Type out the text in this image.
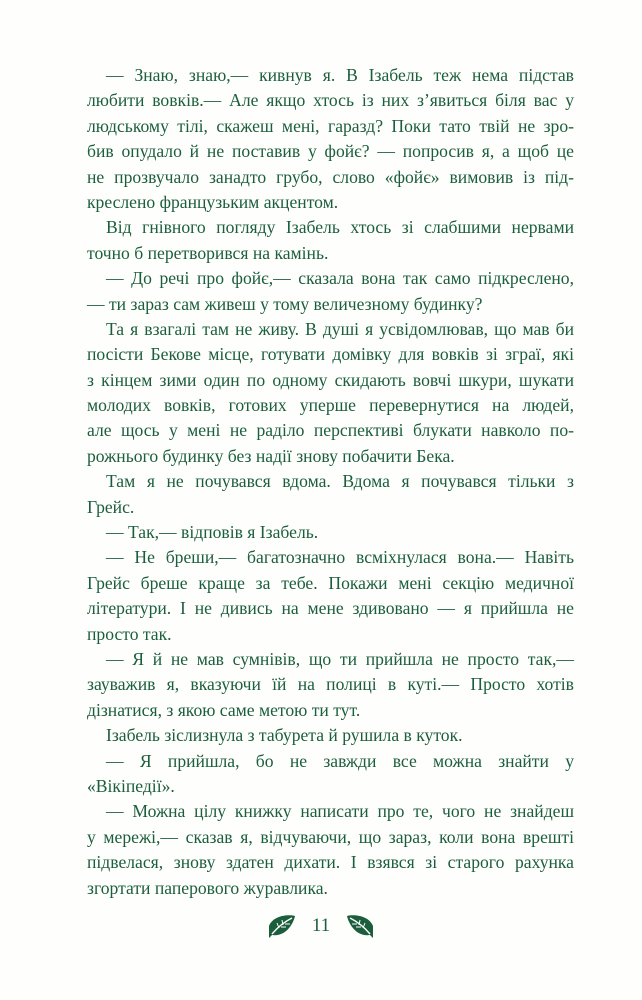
— Знаю, знаю,— кивнув я. В Ізабель теж нема підстав
любити вовків.— Але якщо хтось із них з’явиться біля вас у
людському тілі, скажеш мені, гаразд? Поки тато твій не зро-
бив опудало й не поставив у фойє? — попросив я, а щоб це
не прозвучало занадто грубо, слово «фойє» вимовив із під-
креслено французьким акцентом.
Від гнівного погляду Ізабель хтось зі слабшими нервами
точно б перетворився на камінь.
— До речі про фойє,— сказала вона так само підкреслено,
— ти зараз сам живеш у тому величезному будинку?
Та я взагалі там не живу. В душі я усвідомлював, що мав би
посісти Бекове місце, готувати домівку для вовків зі зграї, які
з кінцем зими один по одному скидають вовчі шкури, шукати
молодих вовків, готових уперше перевернутися на людей,
але щось у мені не раділо перспективі блукати навколо по-
рожнього будинку без надії знову побачити Бека.
Там я не почувався вдома. Вдома я почувався тільки з
Грейс.
— Так,— відповів я Ізабель.
— Не бреши,— багатозначно всміхнулася вона.— Навіть
Грейс бреше краще за тебе. Покажи мені секцію медичної
літератури. І не дивись на мене здивовано — я прийшла не
просто так.
— Я й не мав сумнівів, що ти прийшла не просто так,—
зауважив я, вказуючи їй на полиці в куті.— Просто хотів
дізнатися, з якою саме метою ти тут.
Ізабель зіслизнула з табурета й рушила в куток.
— Я прийшла, бо не завжди все можна знайти у
«Вікіпедії».
— Можна цілу книжку написати про те, чого не знайдеш
у мережі,— сказав я, відчуваючи, що зараз, коли вона врешті
підвелася, знову здатен дихати. І взявся зі старого рахунка
згортати паперового журавлика.
11
